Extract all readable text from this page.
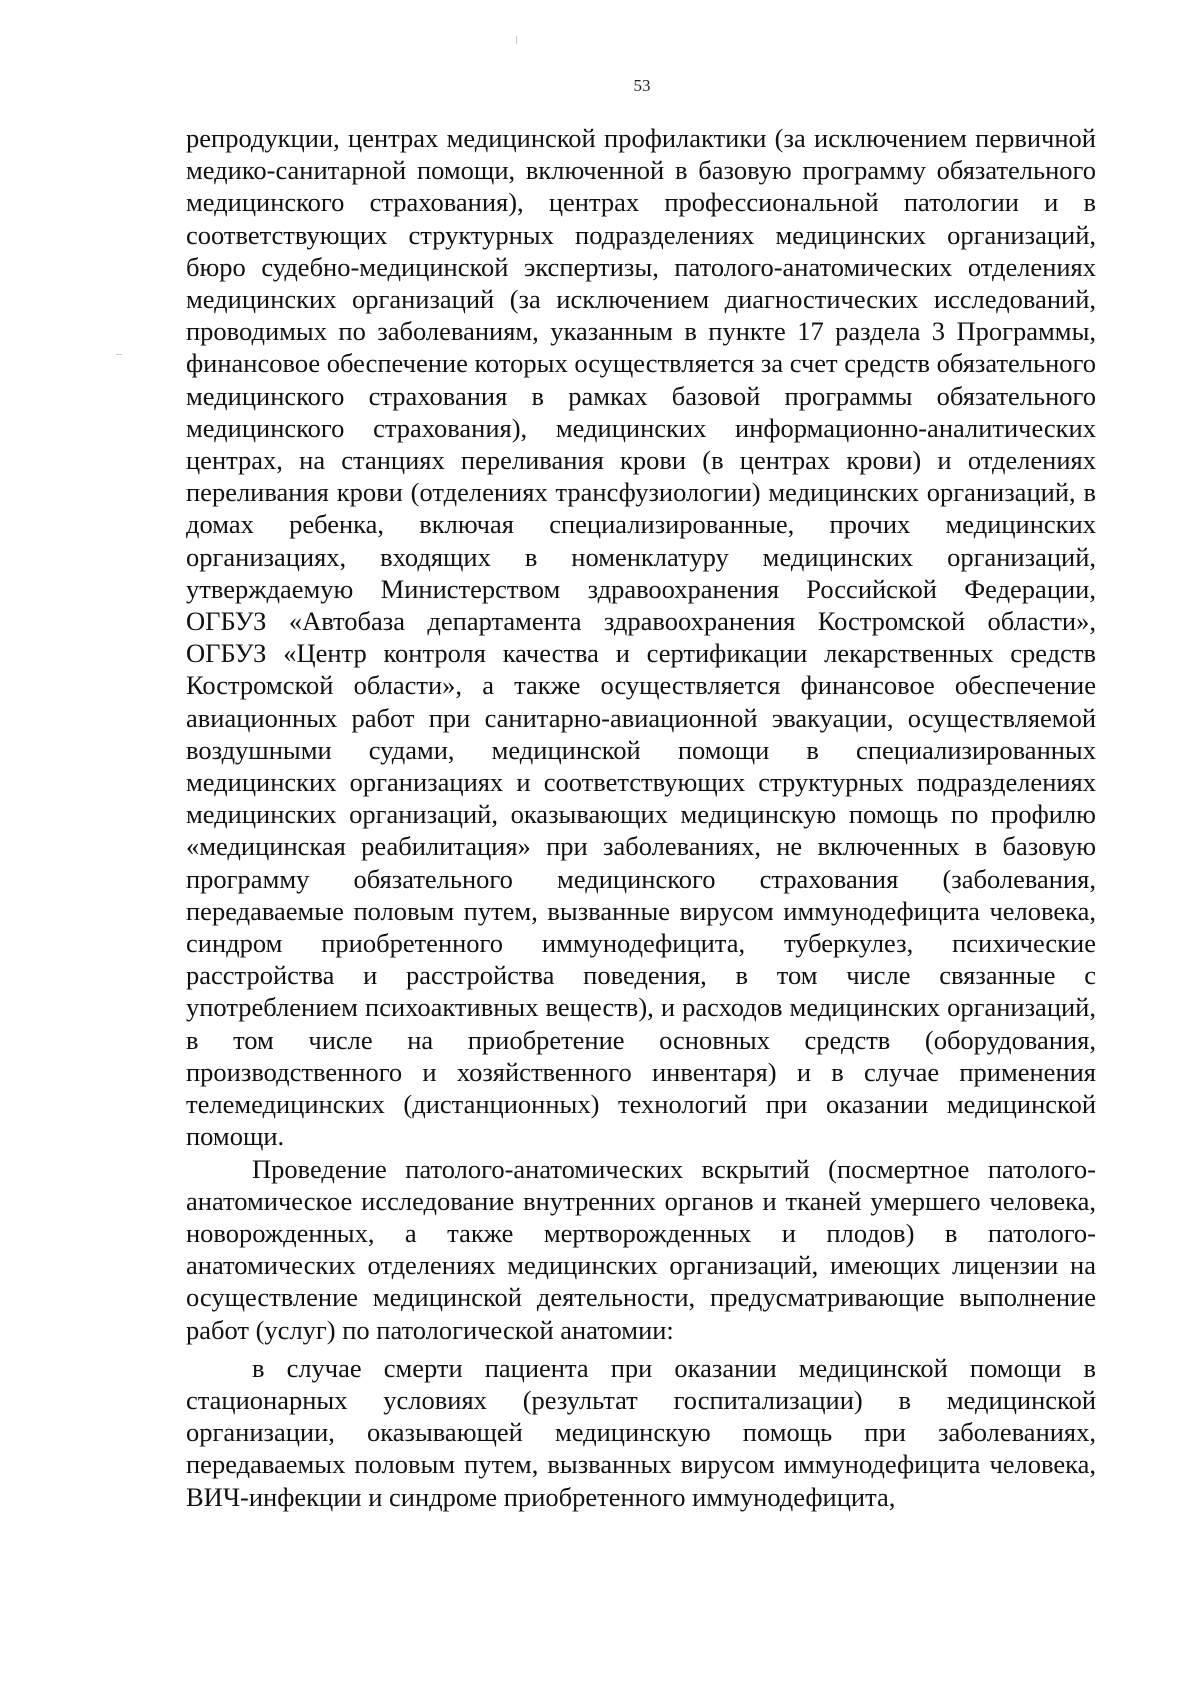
53

репродукции, центрах медицинской профилактики (за исключением первичной медико-санитарной помощи, включенной в базовую программу обязательного медицинского страхования), центрах профессиональной патологии и в соответствующих структурных подразделениях медицинских организаций, бюро судебно-медицинской экспертизы, патолого-анатомических отделениях медицинских организаций (за исключением диагностических исследований, проводимых по заболеваниям, указанным в пункте 17 раздела 3 Программы, финансовое обеспечение которых осуществляется за счет средств обязательного медицинского страхования в рамках базовой программы обязательного медицинского страхования), медицинских информационно-аналитических центрах, на станциях переливания крови (в центрах крови) и отделениях переливания крови (отделениях трансфузиологии) медицинских организаций, в домах ребенка, включая специализированные, прочих медицинских организациях, входящих в номенклатуру медицинских организаций, утверждаемую Министерством здравоохранения Российской Федерации, ОГБУЗ «Автобаза департамента здравоохранения Костромской области», ОГБУЗ «Центр контроля качества и сертификации лекарственных средств Костромской области», а также осуществляется финансовое обеспечение авиационных работ при санитарно-авиационной эвакуации, осуществляемой воздушными судами, медицинской помощи в специализированных медицинских организациях и соответствующих структурных подразделениях медицинских организаций, оказывающих медицинскую помощь по профилю «медицинская реабилитация» при заболеваниях, не включенных в базовую программу обязательного медицинского страхования (заболевания, передаваемые половым путем, вызванные вирусом иммунодефицита человека, синдром приобретенного иммунодефицита, туберкулез, психические расстройства и расстройства поведения, в том числе связанные с употреблением психоактивных веществ), и расходов медицинских организаций, в том числе на приобретение основных средств (оборудования, производственного и хозяйственного инвентаря) и в случае применения телемедицинских (дистанционных) технологий при оказании медицинской помощи.

Проведение патолого-анатомических вскрытий (посмертное патолого-анатомическое исследование внутренних органов и тканей умершего человека, новорожденных, а также мертворожденных и плодов) в патолого-анатомических отделениях медицинских организаций, имеющих лицензии на осуществление медицинской деятельности, предусматривающие выполнение работ (услуг) по патологической анатомии:

в случае смерти пациента при оказании медицинской помощи в стационарных условиях (результат госпитализации) в медицинской организации, оказывающей медицинскую помощь при заболеваниях, передаваемых половым путем, вызванных вирусом иммунодефицита человека, ВИЧ-инфекции и синдроме приобретенного иммунодефицита,
